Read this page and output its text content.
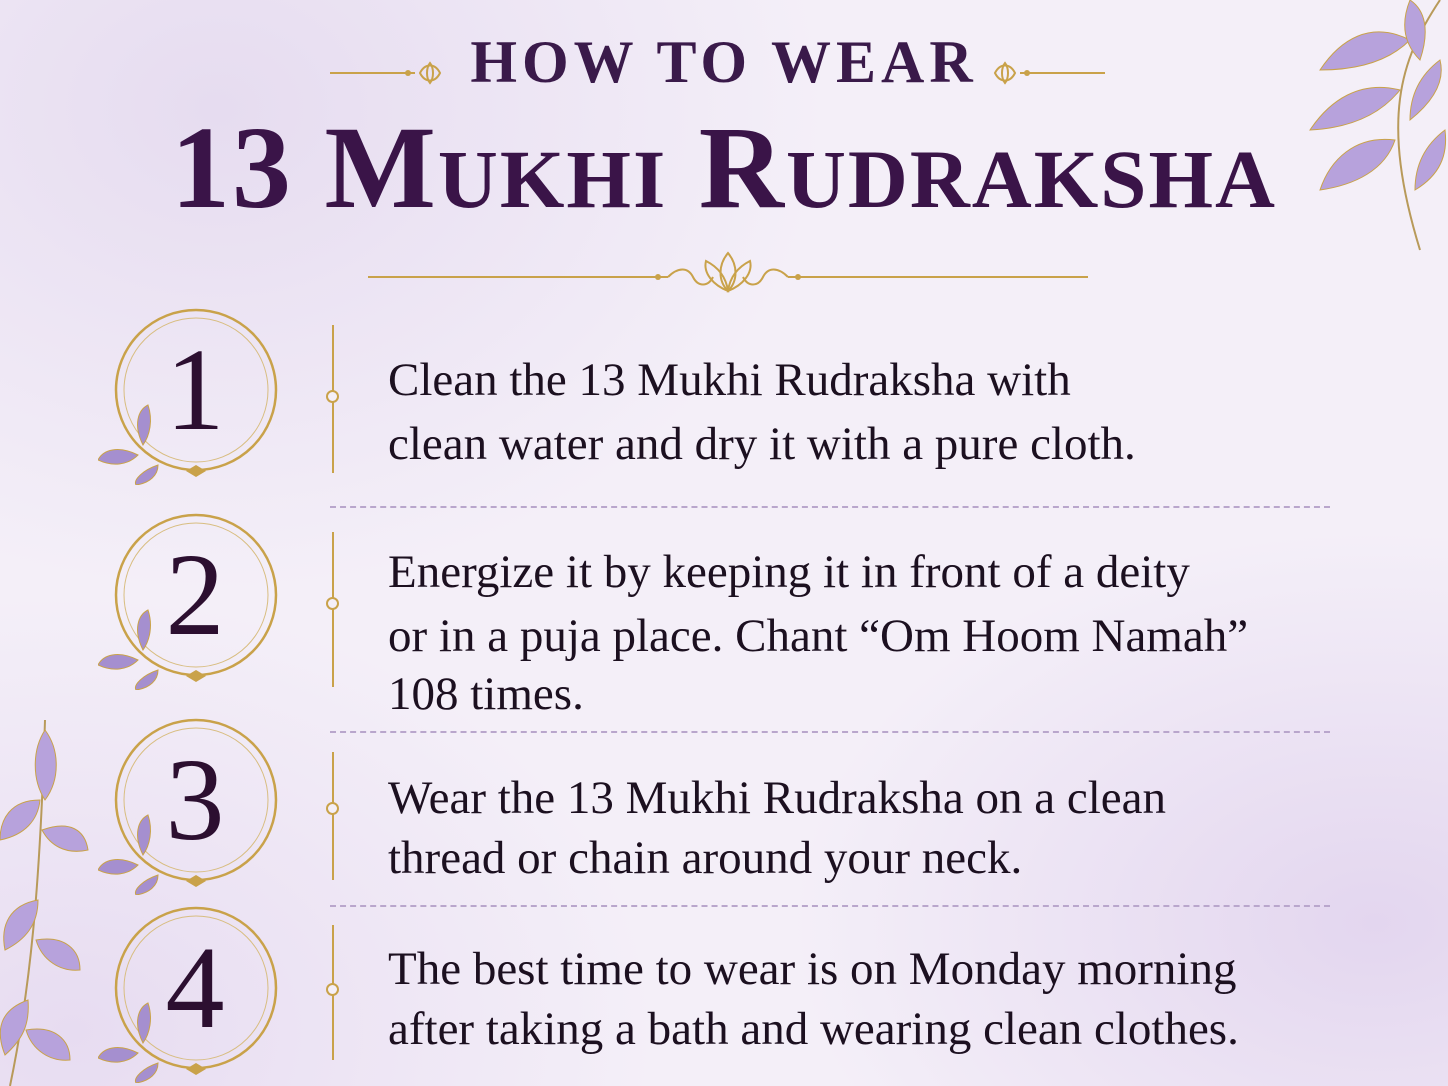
HOW TO WEAR
13 Mukhi Rudraksha
1	Clean the 13 Mukhi Rudraksha with
clean water and dry it with a pure cloth.
2	Energize it by keeping it in front of a deity
or in a puja place. Chant “Om Hoom Namah”
108 times.
3	Wear the 13 Mukhi Rudraksha on a clean
thread or chain around your neck.
4	The best time to wear is on Monday morning
after taking a bath and wearing clean clothes.
